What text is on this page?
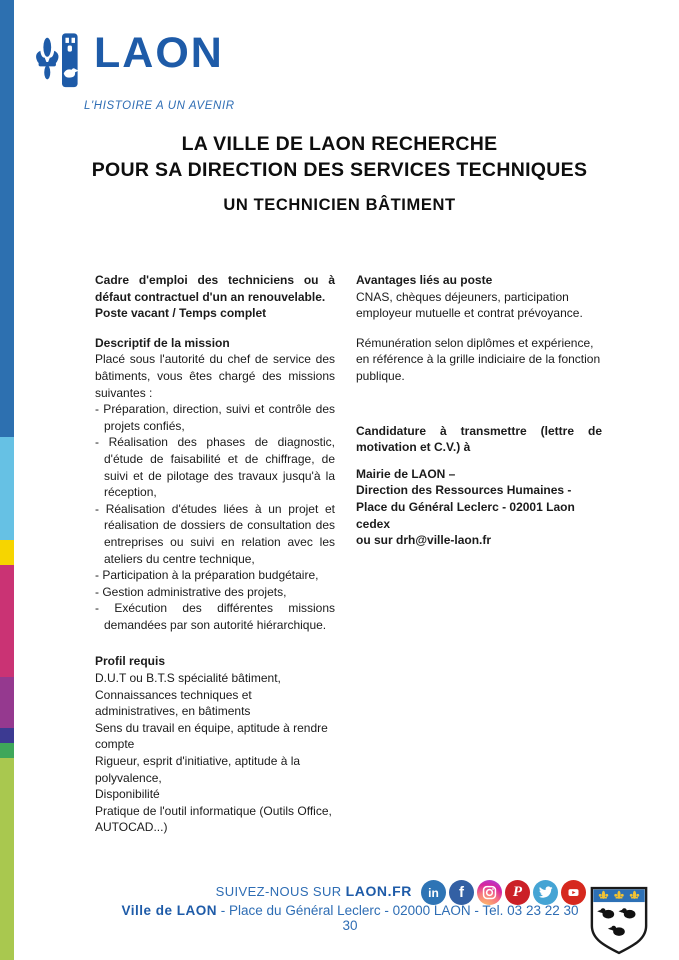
LAON
L'HISTOIRE A UN AVENIR
LA VILLE DE LAON RECHERCHE
POUR SA DIRECTION DES SERVICES TECHNIQUES
UN TECHNICIEN BÂTIMENT
Cadre d'emploi des techniciens ou à défaut contractuel d'un an renouvelable.
Poste vacant / Temps complet
Descriptif de la mission
Placé sous l'autorité du chef de service des bâtiments, vous êtes chargé des missions suivantes :
- Préparation, direction, suivi et contrôle des projets confiés,
- Réalisation des phases de diagnostic, d'étude de faisabilité et de chiffrage, de suivi et de pilotage des travaux jusqu'à la réception,
- Réalisation d'études liées à un projet et réalisation de dossiers de consultation des entreprises ou suivi en relation avec les ateliers du centre technique,
- Participation à la préparation budgétaire,
- Gestion administrative des projets,
- Exécution des différentes missions demandées par son autorité hiérarchique.
Profil requis
D.U.T ou B.T.S spécialité bâtiment,
Connaissances techniques et administratives, en bâtiments
Sens du travail en équipe, aptitude à rendre compte
Rigueur, esprit d'initiative, aptitude à la polyvalence,
Disponibilité
Pratique de l'outil informatique (Outils Office, AUTOCAD...)
Avantages liés au poste
CNAS, chèques déjeuners, participation employeur mutuelle et contrat prévoyance.
Rémunération selon diplômes et expérience, en référence à la grille indiciaire de la fonction publique.
Candidature à transmettre (lettre de motivation et C.V.) à
Mairie de LAON –
Direction des Ressources Humaines -
Place du Général Leclerc - 02001 Laon cedex
ou sur drh@ville-laon.fr
SUIVEZ-NOUS SUR LAON.FR in f	P
Ville de LAON - Place du Général Leclerc - 02000 LAON - Tel. 03 23 22 30 30
